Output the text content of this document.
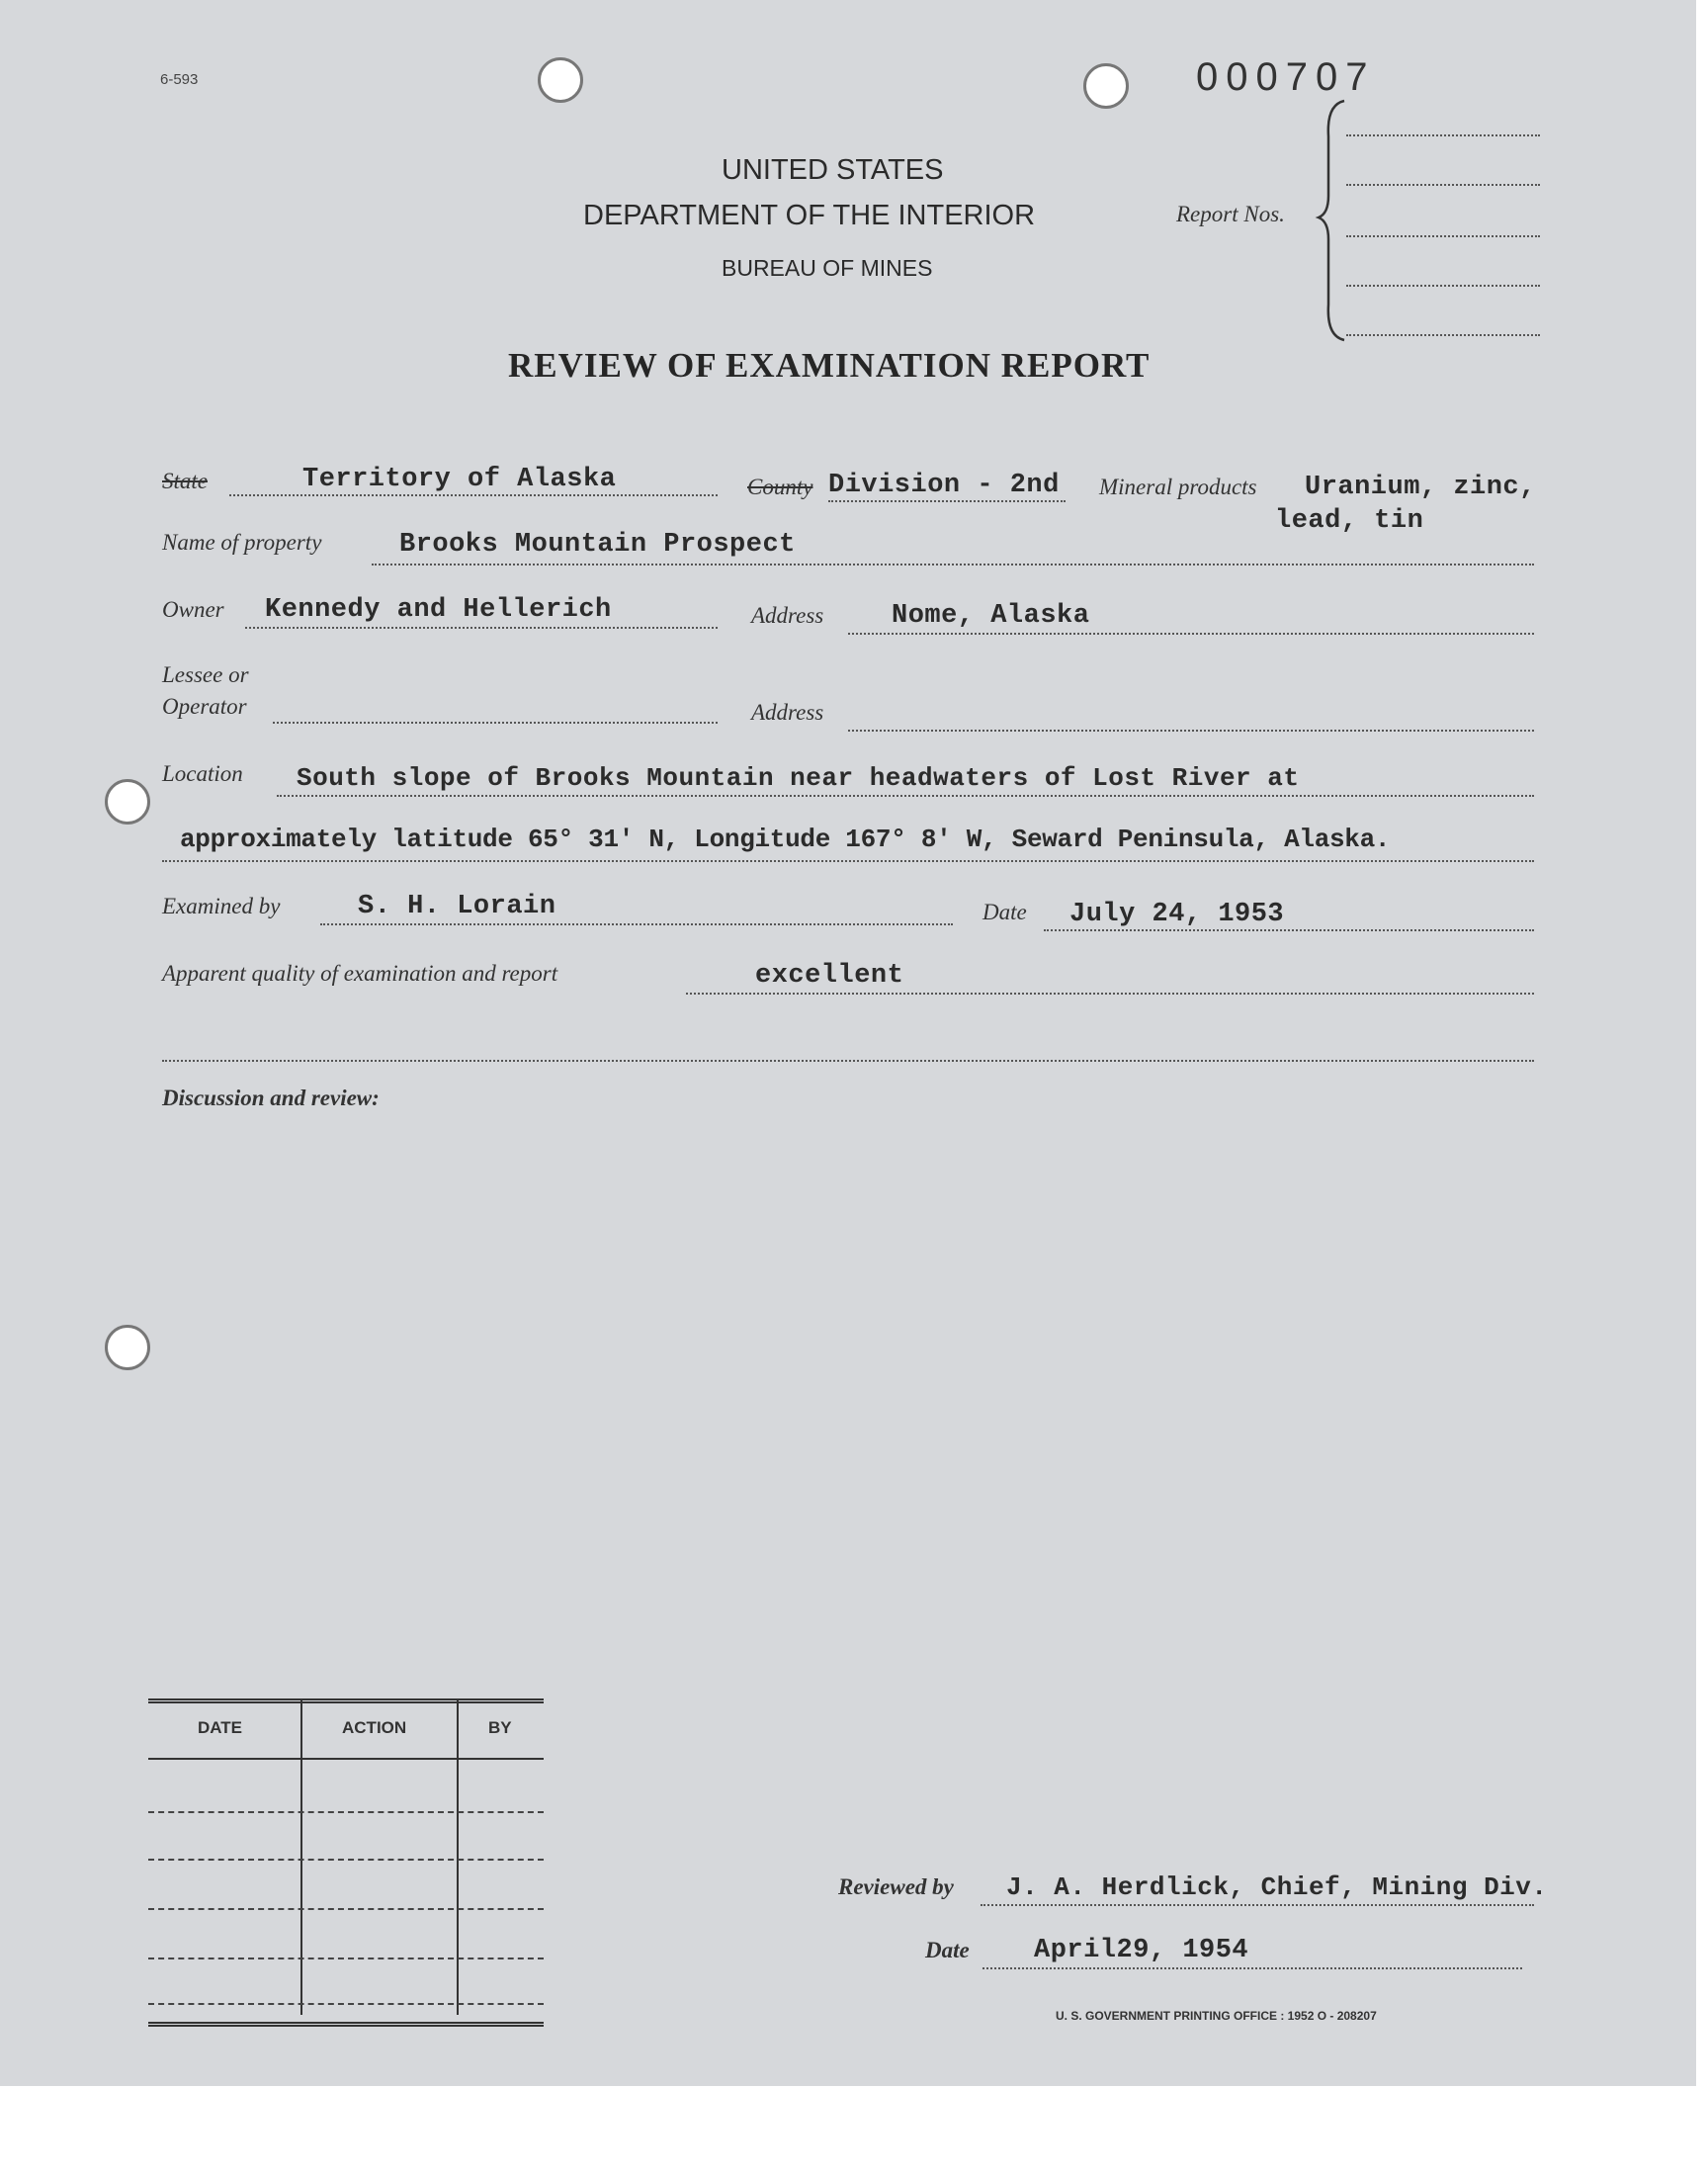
6-593	000707
UNITED STATES
DEPARTMENT OF THE INTERIOR
BUREAU OF MINES
Report Nos.
REVIEW OF EXAMINATION REPORT
State	Territory of Alaska	County Division - 2nd Mineral products Uranium, zinc,
lead, tin
Name of property	Brooks Mountain Prospect
Owner Kennedy and Hellerich	Address	Nome, Alaska
Lessee or
Operator	Address
Location South slope of Brooks Mountain near headwaters of Lost River at
approximately latitude 65° 31' N, Longitude 167° 8' W, Seward Peninsula, Alaska.
Examined by	S. H. Lorain	Date July 24, 1953
Apparent quality of examination and report	excellent
Discussion and review:
DATE	ACTION	BY
Reviewed by J. A. Herdlick, Chief, Mining Div.
Date April29, 1954
U. S. GOVERNMENT PRINTING OFFICE : 1952 O - 208207
